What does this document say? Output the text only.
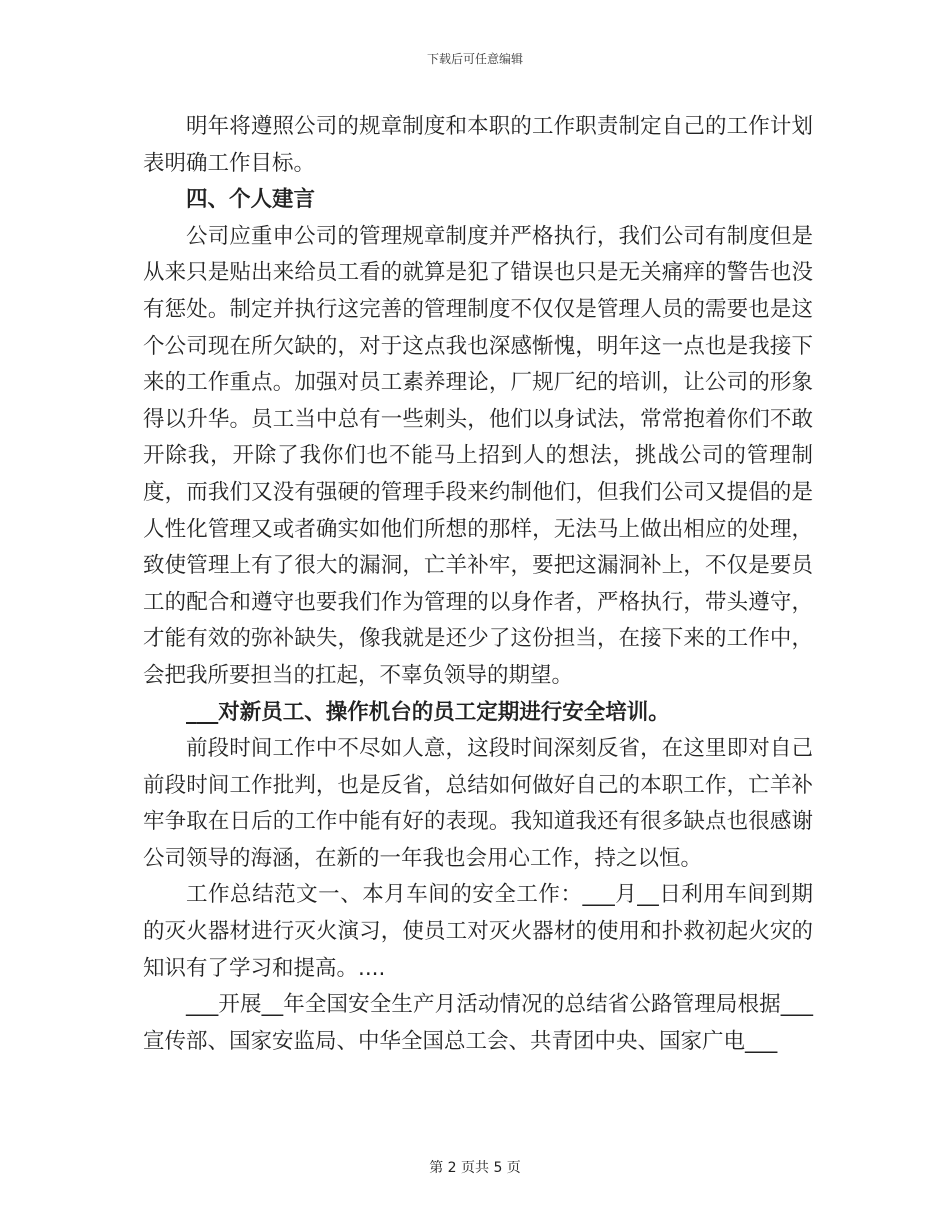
下载后可任意编辑

明年将遵照公司的规章制度和本职的工作职责制定自己的工作计划表明确工作目标。

四、个人建言

公司应重申公司的管理规章制度并严格执行，我们公司有制度但是从来只是贴出来给员工看的就算是犯了错误也只是无关痛痒的警告也没有惩处。制定并执行这完善的管理制度不仅仅是管理人员的需要也是这个公司现在所欠缺的，对于这点我也深感惭愧，明年这一点也是我接下来的工作重点。加强对员工素养理论，厂规厂纪的培训，让公司的形象得以升华。员工当中总有一些刺头，他们以身试法，常常抱着你们不敢开除我，开除了我你们也不能马上招到人的想法，挑战公司的管理制度，而我们又没有强硬的管理手段来约制他们，但我们公司又提倡的是人性化管理又或者确实如他们所想的那样，无法马上做出相应的处理，致使管理上有了很大的漏洞，亡羊补牢，要把这漏洞补上，不仅是要员工的配合和遵守也要我们作为管理的以身作者，严格执行，带头遵守，才能有效的弥补缺失，像我就是还少了这份担当，在接下来的工作中，会把我所要担当的扛起，不辜负领导的期望。

___对新员工、操作机台的员工定期进行安全培训。

前段时间工作中不尽如人意，这段时间深刻反省，在这里即对自己前段时间工作批判，也是反省，总结如何做好自己的本职工作，亡羊补牢争取在日后的工作中能有好的表现。我知道我还有很多缺点也很感谢公司领导的海涵，在新的一年我也会用心工作，持之以恒。

工作总结范文一、本月车间的安全工作：___月__日利用车间到期的灭火器材进行灭火演习，使员工对灭火器材的使用和扑救初起火灾的知识有了学习和提高。....

___开展__年全国安全生产月活动情况的总结省公路管理局根据___宣传部、国家安监局、中华全国总工会、共青团中央、国家广电___

第 2 页共 5 页
